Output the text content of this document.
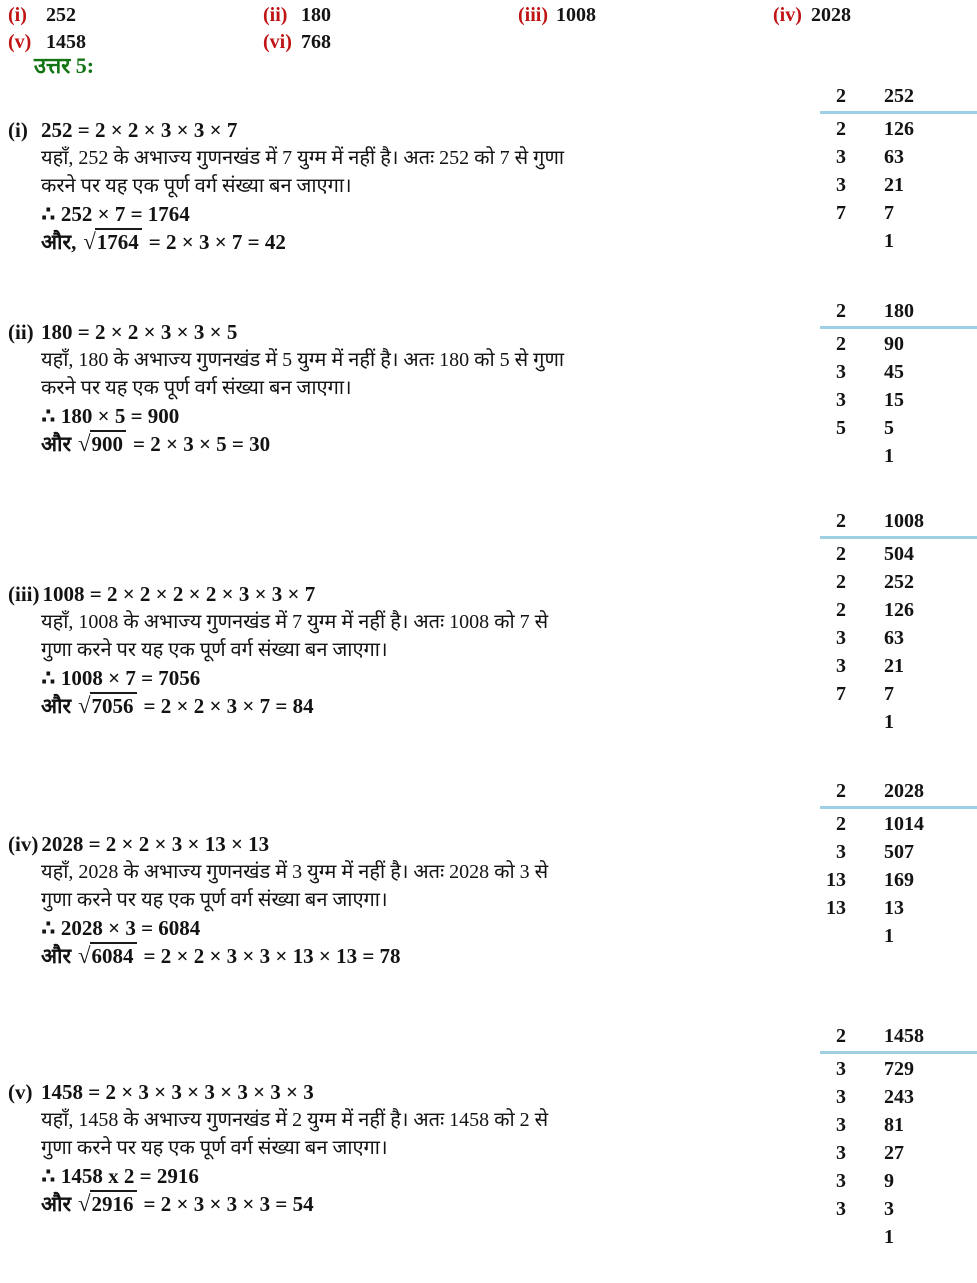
(i) 252	(ii) 180	(iii) 1008	(iv) 2028
(v) 1458	(vi) 768
उत्तर 5:
2 252
2 126
3 63
3 21
7 7
1
(i) 252 = 2 × 2 × 3 × 3 × 7
यहाँ, 252 के अभाज्य गुणनखंड में 7 युग्म में नहीं है। अतः 252 को 7 से गुणा
करने पर यह एक पूर्ण वर्ग संख्या बन जाएगा।
∴ 252 × 7 = 1764
और, √1764 = 2 × 3 × 7 = 42
2 180
2 90
3 45
3 15
5 5
1
(ii) 180 = 2 × 2 × 3 × 3 × 5
यहाँ, 180 के अभाज्य गुणनखंड में 5 युग्म में नहीं है। अतः 180 को 5 से गुणा
करने पर यह एक पूर्ण वर्ग संख्या बन जाएगा।
∴ 180 × 5 = 900
और √900 = 2 × 3 × 5 = 30
2 1008
2 504
2 252
2 126
3 63
3 21
7 7
1
(iii) 1008 = 2 × 2 × 2 × 2 × 3 × 3 × 7
यहाँ, 1008 के अभाज्य गुणनखंड में 7 युग्म में नहीं है। अतः 1008 को 7 से
गुणा करने पर यह एक पूर्ण वर्ग संख्या बन जाएगा।
∴ 1008 × 7 = 7056
और √7056 = 2 × 2 × 3 × 7 = 84
2 2028
2 1014
3 507
13 169
13 13
1
(iv) 2028 = 2 × 2 × 3 × 13 × 13
यहाँ, 2028 के अभाज्य गुणनखंड में 3 युग्म में नहीं है। अतः 2028 को 3 से
गुणा करने पर यह एक पूर्ण वर्ग संख्या बन जाएगा।
∴ 2028 × 3 = 6084
और √6084 = 2 × 2 × 3 × 3 × 13 × 13 = 78
2 1458
3 729
3 243
3 81
3 27
3 9
3 3
1
(v) 1458 = 2 × 3 × 3 × 3 × 3 × 3 × 3
यहाँ, 1458 के अभाज्य गुणनखंड में 2 युग्म में नहीं है। अतः 1458 को 2 से
गुणा करने पर यह एक पूर्ण वर्ग संख्या बन जाएगा।
∴ 1458 x 2 = 2916
और √2916 = 2 × 3 × 3 × 3 = 54
